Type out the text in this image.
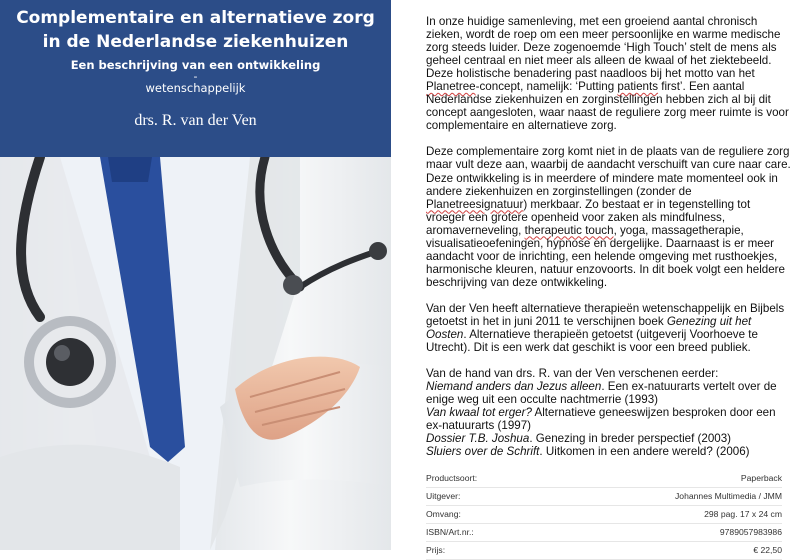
Complementaire en alternatieve zorg
in de Nederlandse ziekenhuizen
Een beschrijving van een ontwikkeling
-
wetenschappelijk
drs. R. van der Ven

In onze huidige samenleving, met een groeiend aantal chronisch zieken, wordt de roep om een meer persoonlijke en warme medische zorg steeds luider. Deze zogenoemde ‘High Touch’ stelt de mens als geheel centraal en niet meer als alleen de kwaal of het ziektebeeld. Deze holistische benadering past naadloos bij het motto van het Planetree-concept, namelijk: ‘Putting patients first’. Een aantal Nederlandse ziekenhuizen en zorginstellingen hebben zich al bij dit concept aangesloten, waar naast de reguliere zorg meer ruimte is voor complementaire en alternatieve zorg.

Deze complementaire zorg komt niet in de plaats van de reguliere zorg maar vult deze aan, waarbij de aandacht verschuift van cure naar care. Deze ontwikkeling is in meerdere of mindere mate momenteel ook in andere ziekenhuizen en zorginstellingen (zonder de Planetreesignatuur) merkbaar. Zo bestaat er in tegenstelling tot vroeger een grotere openheid voor zaken als mindfulness, aromaverneveling, therapeutic touch, yoga, massagetherapie, visualisatieoefeningen, hypnose en dergelijke. Daarnaast is er meer aandacht voor de inrichting, een helende omgeving met rusthoekjes, harmonische kleuren, natuur enzovoorts. In dit boek volgt een heldere beschrijving van deze ontwikkeling.

Van der Ven heeft alternatieve therapieën wetenschappelijk en Bijbels getoetst in het in juni 2011 te verschijnen boek Genezing uit het Oosten. Alternatieve therapieën getoetst (uitgeverij Voorhoeve te Utrecht). Dit is een werk dat geschikt is voor een breed publiek.

Van de hand van drs. R. van der Ven verschenen eerder:
Niemand anders dan Jezus alleen. Een ex-natuurarts vertelt over de enige weg uit een occulte nachtmerrie (1993)
Van kwaal tot erger? Alternatieve geneeswijzen besproken door een ex-natuurarts (1997)
Dossier T.B. Joshua. Genezing in breder perspectief (2003)
Sluiers over de Schrift. Uitkomen in een andere wereld? (2006)

Productsoort:	Paperback
Uitgever:	Johannes Multimedia / JMM
Omvang:	298 pag. 17 x 24 cm
ISBN/Art.nr.:	9789057983986
Prijs:	€ 22,50
